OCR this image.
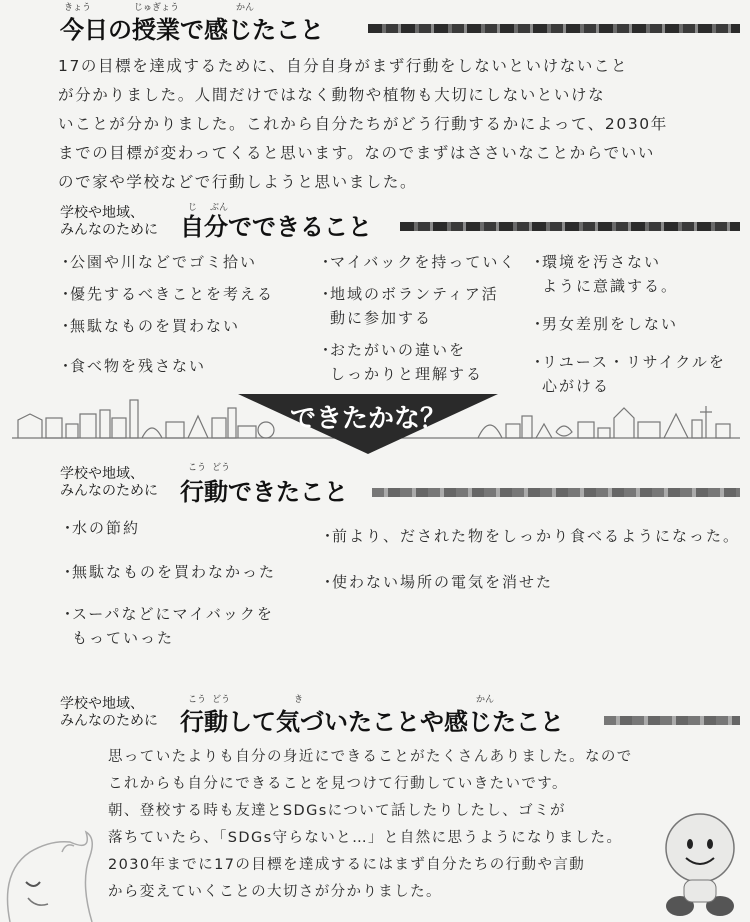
きょう	じゅぎょう	かん
今日の授業で感じたこと
17の目標を達成するために、自分自身がまず行動をしないといけないこと
が分かりました。人間だけではなく動物や植物も大切にしないといけな
いことが分かりました。これから自分たちがどう行動するかによって、2030年
までの目標が変わってくると思います。なのでまずはささいなことからでいい
ので家や学校などで行動しようと思いました。
学校や地域、
みんなのために
じ ぶん
自分でできること
・公園や川などでゴミ拾い
・優先するべきことを考える
・無駄なものを買わない
・食べ物を残さない
・マイバックを持っていく
・地域のボランティア活
動に参加する
・おたがいの違いを
しっかりと理解する
・環境を汚さない
ように意識する。
・男女差別をしない
・リユース・リサイクルを
心がける
できたかな？
学校や地域、
みんなのために
こう どう
行動できたこと
・水の節約
・無駄なものを買わなかった
・スーパなどにマイバックを
もっていった
・前より、だされた物をしっかり食べるようになった。
・使わない場所の電気を消せた
学校や地域、
みんなのために
こう どう	き	かん
行動して気づいたことや感じたこと
思っていたよりも自分の身近にできることがたくさんありました。なので
これからも自分にできることを見つけて行動していきたいです。
朝、登校する時も友達とSDGsについて話したりしたし、ゴミが
落ちていたら、「SDGs守らないと…」と自然に思うようになりました。
2030年までに17の目標を達成するにはまず自分たちの行動や言動
から変えていくことの大切さが分かりました。
